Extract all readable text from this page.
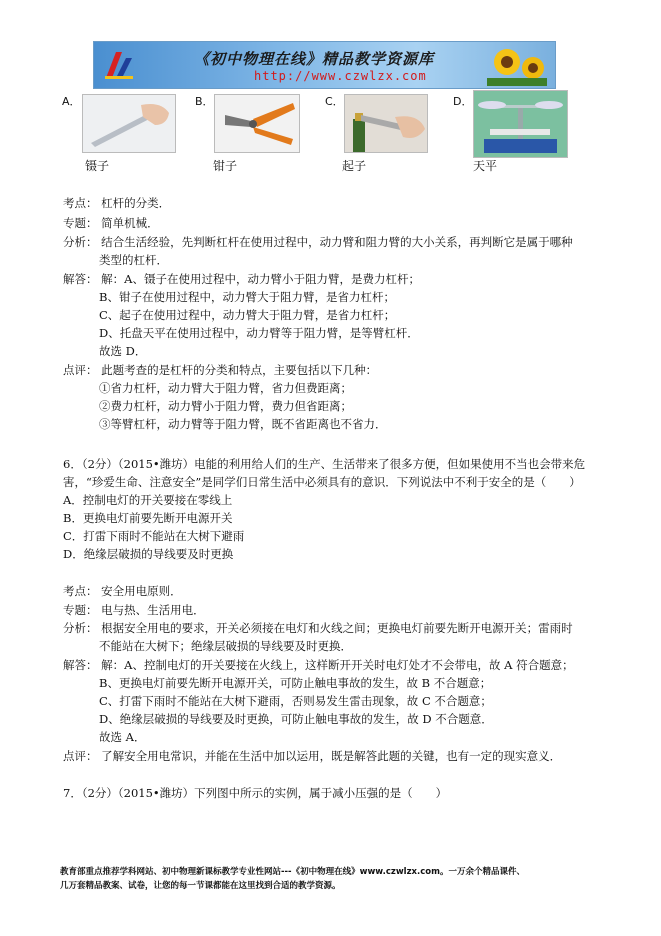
《初中物理在线》精品教学资源库
http://www.czwlzx.com
A．
镊子
B．
钳子
C．
起子
D．
天平
考点： 杠杆的分类．
专题： 简单机械．
分析： 结合生活经验，先判断杠杆在使用过程中，动力臂和阻力臂的大小关系，再判断它是属于哪种
类型的杠杆．
解答： 解：A、镊子在使用过程中，动力臂小于阻力臂，是费力杠杆；
B、钳子在使用过程中，动力臂大于阻力臂，是省力杠杆；
C、起子在使用过程中，动力臂大于阻力臂，是省力杠杆；
D、托盘天平在使用过程中，动力臂等于阻力臂，是等臂杠杆．
故选 D．
点评： 此题考查的是杠杆的分类和特点，主要包括以下几种：
①省力杠杆，动力臂大于阻力臂，省力但费距离；
②费力杠杆，动力臂小于阻力臂，费力但省距离；
③等臂杠杆，动力臂等于阻力臂，既不省距离也不省力．
6．（2分）（2015•潍坊）电能的利用给人们的生产、生活带来了很多方便，但如果使用不当也会带来危
害，“珍爱生命、注意安全”是同学们日常生活中必须具有的意识．下列说法中不利于安全的是（　　）
A．控制电灯的开关要接在零线上
B．更换电灯前要先断开电源开关
C．打雷下雨时不能站在大树下避雨
D．绝缘层破损的导线要及时更换
考点： 安全用电原则．
专题： 电与热、生活用电．
分析： 根据安全用电的要求，开关必须接在电灯和火线之间；更换电灯前要先断开电源开关；雷雨时
不能站在大树下；绝缘层破损的导线要及时更换．
解答： 解：A、控制电灯的开关要接在火线上，这样断开开关时电灯处才不会带电，故 A 符合题意；
B、更换电灯前要先断开电源开关，可防止触电事故的发生，故 B 不合题意；
C、打雷下雨时不能站在大树下避雨，否则易发生雷击现象，故 C 不合题意；
D、绝缘层破损的导线要及时更换，可防止触电事故的发生，故 D 不合题意．
故选 A．
点评： 了解安全用电常识，并能在生活中加以运用，既是解答此题的关键，也有一定的现实意义．
7．（2分）（2015•潍坊）下列图中所示的实例，属于减小压强的是（　　）
教育部重点推荐学科网站、初中物理新课标教学专业性网站---《初中物理在线》www.czwlzx.com。一万余个精品课件、
几万套精品教案、试卷，让您的每一节课都能在这里找到合适的教学资源。
